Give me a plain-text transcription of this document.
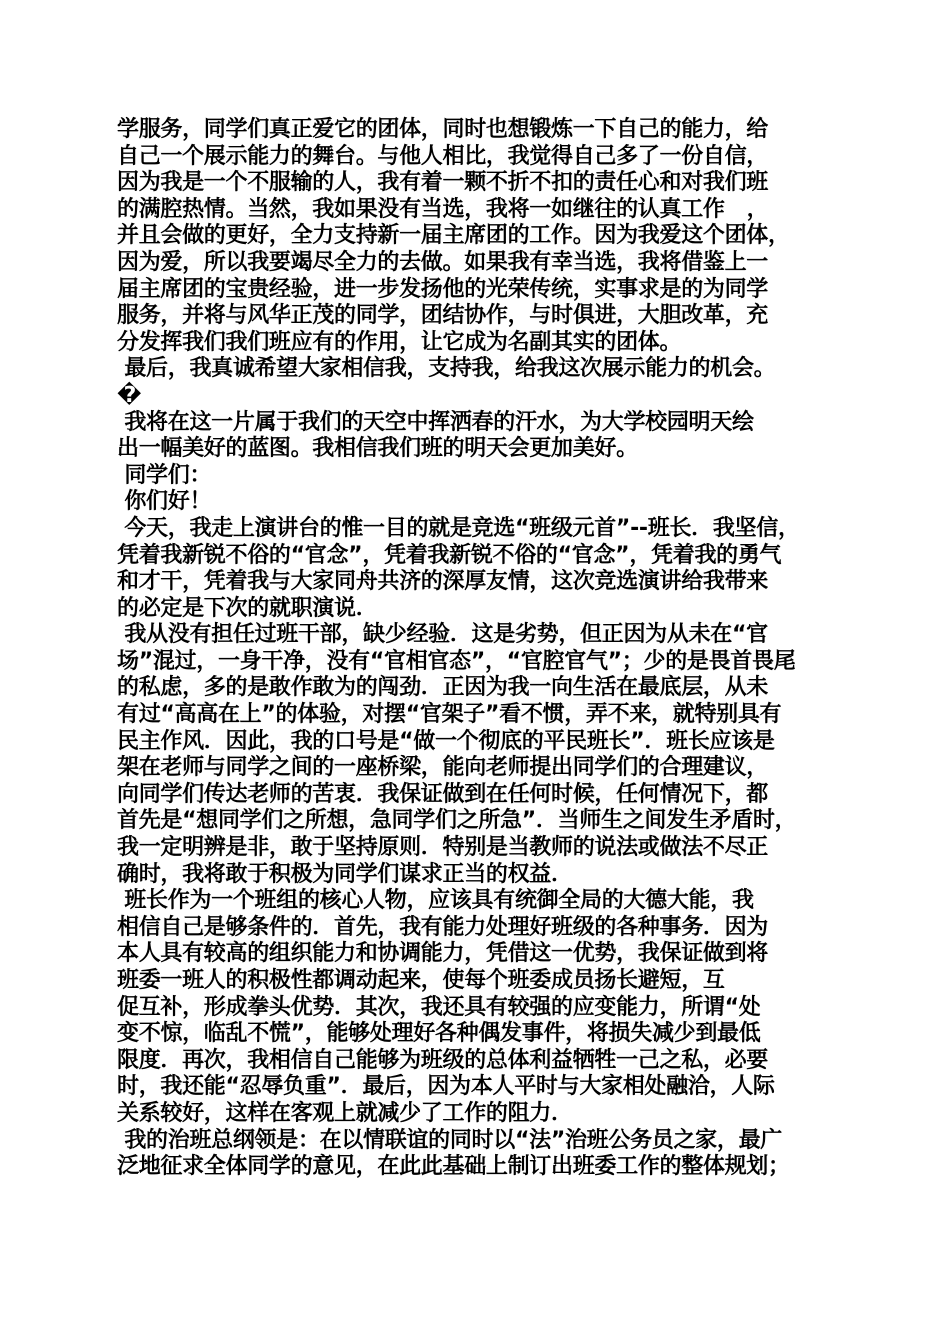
学服务，同学们真正爱它的团体，同时也想锻炼一下自己的能力，给
自己一个展示能力的舞台。与他人相比，我觉得自己多了一份自信，
因为我是一个不服输的人，我有着一颗不折不扣的责任心和对我们班
的满腔热情。当然，我如果没有当选，我将一如继往的认真工作   ，
并且会做的更好，全力支持新一届主席团的工作。因为我爱这个团体，
因为爱，所以我要竭尽全力的去做。如果我有幸当选，我将借鉴上一
届主席团的宝贵经验，进一步发扬他的光荣传统，实事求是的为同学
服务，并将与风华正茂的同学，团结协作，与时俱进，大胆改革，充
分发挥我们我们班应有的作用，让它成为名副其实的团体。
最后，我真诚希望大家相信我，支持我，给我这次展示能力的机会。
�
我将在这一片属于我们的天空中挥洒春的汗水，为大学校园明天绘
出一幅美好的蓝图。我相信我们班的明天会更加美好。
同学们：
你们好！
今天，我走上演讲台的惟一目的就是竞选“班级元首”--班长．我坚信，
凭着我新锐不俗的“官念”，凭着我新锐不俗的“官念”，凭着我的勇气
和才干，凭着我与大家同舟共济的深厚友情，这次竞选演讲给我带来
的必定是下次的就职演说．
我从没有担任过班干部，缺少经验．这是劣势，但正因为从未在“官
场”混过，一身干净，没有“官相官态”，“官腔官气”；少的是畏首畏尾
的私虑，多的是敢作敢为的闯劲．正因为我一向生活在最底层，从未
有过“高高在上”的体验，对摆“官架子”看不惯，弄不来，就特别具有
民主作风．因此，我的口号是“做一个彻底的平民班长”．班长应该是
架在老师与同学之间的一座桥梁，能向老师提出同学们的合理建议，
向同学们传达老师的苦衷．我保证做到在任何时候，任何情况下，都
首先是“想同学们之所想，急同学们之所急”．当师生之间发生矛盾时，
我一定明辨是非，敢于坚持原则．特别是当教师的说法或做法不尽正
确时，我将敢于积极为同学们谋求正当的权益．
班长作为一个班组的核心人物，应该具有统御全局的大德大能，我
相信自己是够条件的．首先，我有能力处理好班级的各种事务．因为
本人具有较高的组织能力和协调能力，凭借这一优势，我保证做到将
班委一班人的积极性都调动起来，使每个班委成员扬长避短，互
促互补，形成拳头优势．其次，我还具有较强的应变能力，所谓“处
变不惊，临乱不慌”，能够处理好各种偶发事件，将损失减少到最低
限度．再次，我相信自己能够为班级的总体利益牺牲一己之私，必要
时，我还能“忍辱负重”．最后，因为本人平时与大家相处融洽，人际
关系较好，这样在客观上就减少了工作的阻力．
我的治班总纲领是：在以情联谊的同时以“法”治班公务员之家，最广
泛地征求全体同学的意见，在此此基础上制订出班委工作的整体规划；
